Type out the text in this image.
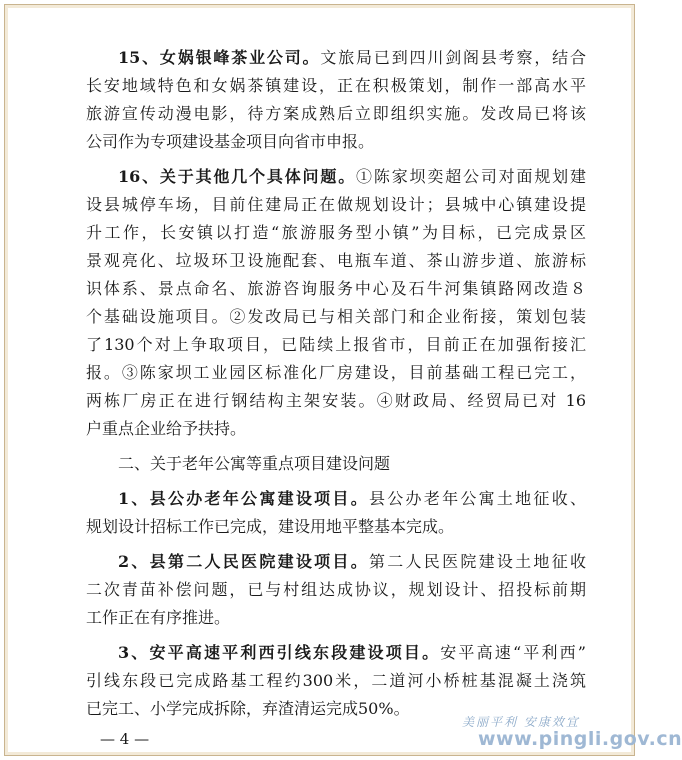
15、女娲银峰茶业公司。文旅局已到四川剑阁县考察，结合
长安地域特色和女娲茶镇建设，正在积极策划，制作一部高水平
旅游宣传动漫电影，待方案成熟后立即组织实施。发改局已将该
公司作为专项建设基金项目向省市申报。
16、关于其他几个具体问题。①陈家坝奕超公司对面规划建
设县城停车场，目前住建局正在做规划设计；县城中心镇建设提
升工作，长安镇以打造“旅游服务型小镇”为目标，已完成景区
景观亮化、垃圾环卫设施配套、电瓶车道、茶山游步道、旅游标
识体系、景点命名、旅游咨询服务中心及石牛河集镇路网改造８
个基础设施项目。②发改局已与相关部门和企业衔接，策划包装
了130个对上争取项目，已陆续上报省市，目前正在加强衔接汇
报。③陈家坝工业园区标准化厂房建设，目前基础工程已完工，
两栋厂房正在进行钢结构主架安装。④财政局、经贸局已对 16
户重点企业给予扶持。
二、关于老年公寓等重点项目建设问题
1、县公办老年公寓建设项目。县公办老年公寓土地征收、
规划设计招标工作已完成，建设用地平整基本完成。
2、县第二人民医院建设项目。第二人民医院建设土地征收
二次青苗补偿问题，已与村组达成协议，规划设计、招投标前期
工作正在有序推进。
3、安平高速平利西引线东段建设项目。安平高速“平利西”
引线东段已完成路基工程约300米，二道河小桥桩基混凝土浇筑
已完工、小学完成拆除，弃渣清运完成50%。
美丽平利 安康效宜
www.pingli.gov.cn
— 4 —
